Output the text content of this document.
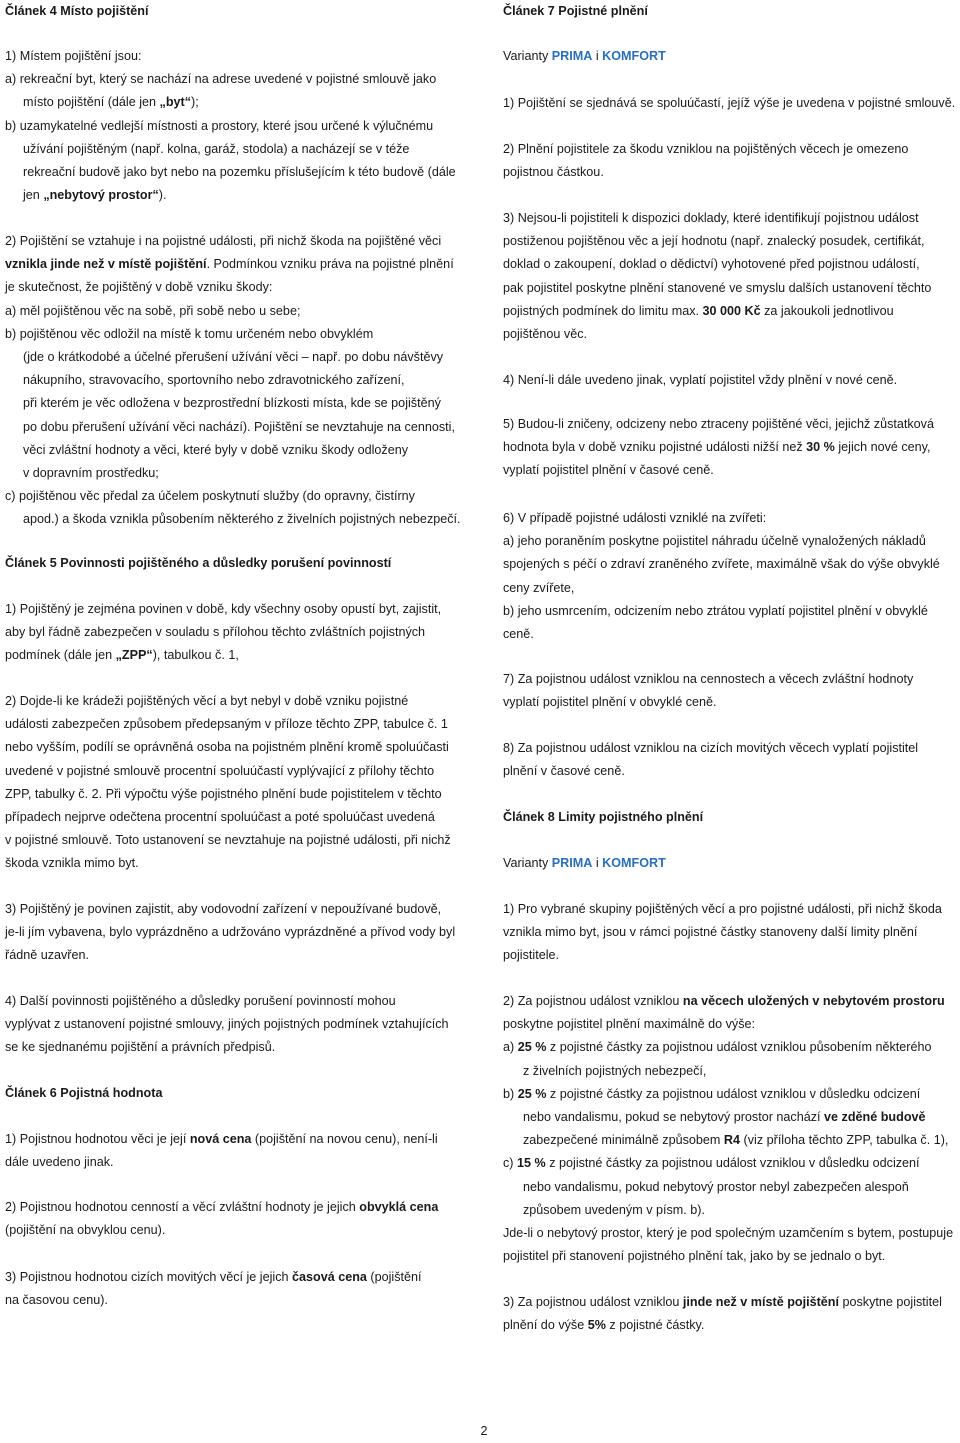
Článek 4 Místo pojištění

1) Místem pojištění jsou:

a) rekreační byt, který se nachází na adrese uvedené v pojistné smlouvě jako
místo pojištění (dále jen „byt“);

b) uzamykatelné vedlejší místnosti a prostory, které jsou určené k výlučnému
užívání pojištěným (např. kolna, garáž, stodola) a nacházejí se v téže
rekreační budově jako byt nebo na pozemku příslušejícím k této budově (dále
jen „nebytový prostor“).

2) Pojištění se vztahuje i na pojistné události, při nichž škoda na pojištěné věci

vznikla jinde než v místě pojištění. Podmínkou vzniku práva na pojistné plnění

je skutečnost, že pojištěný v době vzniku škody:

a) měl pojištěnou věc na sobě, při sobě nebo u sebe;

b) pojištěnou věc odložil na místě k tomu určeném nebo obvyklém
(jde o krátkodobé a účelné přerušení užívání věci – např. po dobu návštěvy
nákupního, stravovacího, sportovního nebo zdravotnického zařízení,
při kterém je věc odložena v bezprostřední blízkosti místa, kde se pojištěný
po dobu přerušení užívání věci nachází). Pojištění se nevztahuje na cennosti,
věci zvláštní hodnoty a věci, které byly v době vzniku škody odloženy
v dopravním prostředku;

c) pojištěnou věc předal za účelem poskytnutí služby (do opravny, čistírny
apod.) a škoda vznikla působením některého z živelních pojistných nebezpečí.

Článek 5 Povinnosti pojištěného a důsledky porušení povinností

1) Pojištěný je zejména povinen v době, kdy všechny osoby opustí byt, zajistit,

aby byl řádně zabezpečen v souladu s přílohou těchto zvláštních pojistných

podmínek (dále jen „ZPP“), tabulkou č. 1,

2) Dojde-li ke krádeži pojištěných věcí a byt nebyl v době vzniku pojistné

události zabezpečen způsobem předepsaným v příloze těchto ZPP, tabulce č. 1

nebo vyšším, podílí se oprávněná osoba na pojistném plnění kromě spoluúčasti

uvedené v pojistné smlouvě procentní spoluúčastí vyplývající z přílohy těchto

ZPP, tabulky č. 2. Při výpočtu výše pojistného plnění bude pojistitelem v těchto

případech nejprve odečtena procentní spoluúčast a poté spoluúčast uvedená

v pojistné smlouvě. Toto ustanovení se nevztahuje na pojistné události, při nichž

škoda vznikla mimo byt.

3) Pojištěný je povinen zajistit, aby vodovodní zařízení v nepoužívané budově,

je-li jím vybavena, bylo vyprázdněno a udržováno vyprázdněné a přívod vody byl

řádně uzavřen.

4) Další povinnosti pojištěného a důsledky porušení povinností mohou

vyplývat z ustanovení pojistné smlouvy, jiných pojistných podmínek vztahujících

se ke sjednanému pojištění a právních předpisů.

Článek 6 Pojistná hodnota

1) Pojistnou hodnotou věci je její nová cena (pojištění na novou cenu), není-li

dále uvedeno jinak.

2) Pojistnou hodnotou cenností a věcí zvláštní hodnoty je jejich obvyklá cena

(pojištění na obvyklou cenu).

3) Pojistnou hodnotou cizích movitých věcí je jejich časová cena (pojištění

na časovou cenu).

Článek 7 Pojistné plnění

Varianty PRIMA i KOMFORT

1) Pojištění se sjednává se spoluúčastí, jejíž výše je uvedena v pojistné smlouvě.

2) Plnění pojistitele za škodu vzniklou na pojištěných věcech je omezeno

pojistnou částkou.

3) Nejsou-li pojistiteli k dispozici doklady, které identifikují pojistnou událost

postiženou pojištěnou věc a její hodnotu (např. znalecký posudek, certifikát,

doklad o zakoupení, doklad o dědictví) vyhotovené před pojistnou událostí,

pak pojistitel poskytne plnění stanovené ve smyslu dalších ustanovení těchto

pojistných podmínek do limitu max. 30 000 Kč za jakoukoli jednotlivou

pojištěnou věc.

4) Není-li dále uvedeno jinak, vyplatí pojistitel vždy plnění v nové ceně.

5) Budou-li zničeny, odcizeny nebo ztraceny pojištěné věci, jejichž zůstatková

hodnota byla v době vzniku pojistné události nižší než 30 % jejich nové ceny,

vyplatí pojistitel plnění v časové ceně.

6) V případě pojistné události vzniklé na zvířeti:

a) jeho poraněním poskytne pojistitel náhradu účelně vynaložených nákladů
spojených s péčí o zdraví zraněného zvířete, maximálně však do výše obvyklé
ceny zvířete,

b) jeho usmrcením, odcizením nebo ztrátou vyplatí pojistitel plnění v obvyklé
ceně.

7) Za pojistnou událost vzniklou na cennostech a věcech zvláštní hodnoty

vyplatí pojistitel plnění v obvyklé ceně.

8) Za pojistnou událost vzniklou na cizích movitých věcech vyplatí pojistitel

plnění v časové ceně.

Článek 8 Limity pojistného plnění

Varianty PRIMA i KOMFORT

1) Pro vybrané skupiny pojištěných věcí a pro pojistné události, při nichž škoda

vznikla mimo byt, jsou v rámci pojistné částky stanoveny další limity plnění

pojistitele.

2) Za pojistnou událost vzniklou na věcech uložených v nebytovém prostoru

poskytne pojistitel plnění maximálně do výše:

a) 25 % z pojistné částky za pojistnou událost vzniklou působením některého

z živelních pojistných nebezpečí,

b) 25 % z pojistné částky za pojistnou událost vzniklou v důsledku odcizení

nebo vandalismu, pokud se nebytový prostor nachází ve zděné budově

zabezpečené minimálně způsobem R4 (viz příloha těchto ZPP, tabulka č. 1),

c) 15 % z pojistné částky za pojistnou událost vzniklou v důsledku odcizení

nebo vandalismu, pokud nebytový prostor nebyl zabezpečen alespoň

způsobem uvedeným v písm. b).

Jde-li o nebytový prostor, který je pod společným uzamčením s bytem, postupuje

pojistitel při stanovení pojistného plnění tak, jako by se jednalo o byt.

3) Za pojistnou událost vzniklou jinde než v místě pojištění poskytne pojistitel

plnění do výše 5% z pojistné částky.

2
